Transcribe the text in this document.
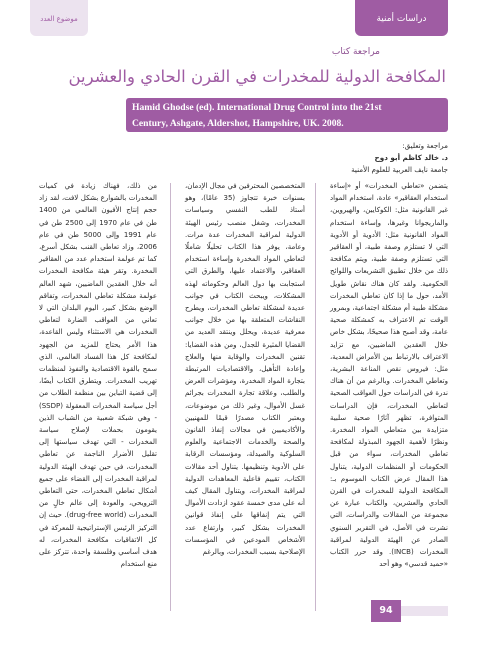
موضوع العدد	دراسات أمنية
مراجعة كتاب
المكافحة الدولية للمخدرات في القرن الحادي والعشرين

Hamid Ghodse (ed). International Drug Control into the 21st

Century, Ashgate, Aldershot, Hampshire, UK. 2008.

مراجعة وتعليق:
د. خالد كاظم أبو دوح
جامعة نايف العربية للعلوم الأمنية

يتضمن «تعاطي المخدرات» أو «إساءة استخدام العقاقير» عادة، استخدام المواد غير القانونية مثل: الكوكايين، والهيروين، والماريجوانا وغيرها، وإساءة استخدام المواد القانونية مثل: الأدوية أو الأدوية التي لا تستلزم وصفة طبية، أو العقاقير التي تستلزم وصفة طبية، ويتم مكافحة ذلك من خلال تطبيق التشريعات واللوائح الحكومية. ولقد كان هناك نقاش طويل الأمد، حول ما إذا كان تعاطي المخدرات مشكلة طبية أم مشكلة اجتماعية، وبمرور الوقت تم الاعتراف به كمشكلة صحية عامة، وقد أصبح هذا صحيحًا، بشكل خاص خلال العقدين الماضيين، مع تزايد الاعتراف بالارتباط بين الأمراض المعدية، مثل: فيروس نقص المناعة البشرية، وتعاطي المخدرات. وبالرغم من أن هناك ندرة في الدراسات حول العواقب الصحية لتعاطي المخدرات، فإن الدراسات المتوافرة، تظهر آثارًا صحية سلبية متزايدة بين متعاطي المواد المخدرة. ونظرًا لأهمية الجهود المبذولة لمكافحة تعاطي المخدرات، سواء من قبل الحكومات أو المنظمات الدولية، يتناول هذا المقال عرض الكتاب الموسوم بـ: المكافحة الدولية للمخدرات في القرن الحادي والعشرين، والكتاب عبارة عن مجموعة من المقالات والدراسات، التي نشرت في الأصل، في التقرير السنوي الصادر عن الهيئة الدولية لمراقبة المخدرات (INCB). وقد حرر الكتاب «حميد قدسي» وهو أحد

المتخصصين المحترفين في مجال الإدمان، بسنوات خبرة تتجاوز (35 عامًا)، وهو أستاذ للطب النفسي وسياسات المخدرات، وشغل منصب رئيس الهيئة الدولية لمراقبة المخدرات عدة مرات. وعامة، يوفر هذا الكتاب تحليلًا شاملًا لتعاطي المواد المخدرة وإساءة استخدام العقاقير، والاعتماد عليها، والطرق التي استجابت بها دول العالم وحكوماته لهذه المشكلات، ويبحث الكتاب في جوانب عديدة لمشكلة تعاطي المخدرات، ويطرح النقاشات المتعلقة بها من خلال جوانب معرفية عديدة، ويحلل وينتقد العديد من القضايا المثيرة للجدل، ومن هذه القضايا: تقنين المخدرات والوقاية منها والعلاج وإعادة التأهيل، والاقتصاديات المرتبطة بتجارة المواد المخدرة، ومؤشرات العرض والطلب، وعلاقة تجارة المخدرات بجرائم غسل الأموال، وغير ذلك من موضوعات، ويعتبر الكتاب مصدرًا قيمًا للمهنيين والأكاديميين في مجالات إنفاذ القانون والصحة والخدمات الاجتماعية والعلوم السلوكية والصيدلة، ومؤسسات الرقابة على الأدوية وتنظيمها. يتناول أحد مقالات الكتاب، تقييم فاعلية المعاهدات الدولية لمراقبة المخدرات، ويتناول المقال كيف أنه على مدى خمسة عقود ازدادت الأموال التي يتم إنفاقها على إنفاذ قوانين المخدرات بشكل كبير، وارتفاع عدد الأشخاص المودعين في المؤسسات الإصلاحية بسبب المخدرات، وبالرغم

من ذلك، فهناك زيادة في كميات المخدرات بالشوارع بشكل لافت، لقد زاد حجم إنتاج الأفيون العالمي من 1400 طن في عام 1970 إلى 2500 طن في عام 1991 وإلى 5000 طن في عام 2006، وزاد تعاطي القنب بشكل أسرع، كما تم عولمة استخدام عدد من العقاقير المخدرة. وتقر هيئة مكافحة المخدرات أنه خلال العقدين الماضيين، شهد العالم عولمة مشكلة تعاطي المخدرات، وتفاقم الوضع بشكل كبير، اليوم البلدان التي لا تعاني من العواقب الضارة لتعاطي المخدرات هي الاستثناء وليس القاعدة، هذا الأمر يحتاج للمزيد من الجهود لمكافحة كل هذا الفساد العالمي، الذي سمح بالقوة الاقتصادية والنفوذ لمنظمات تهريب المخدرات. ويتطرق الكتاب أيضًا، إلى قضية التباين بين منظمة الطلاب من أجل سياسة المخدرات المعقولة (SSDP) - وهي شبكة شعبية من الشباب الذين يقومون بحملات لإصلاح سياسة المخدرات - التي تهدف سياستها إلى تقليل الأضرار الناجمة عن تعاطي المخدرات، في حين تهدف الهيئة الدولية لمراقبة المخدرات إلى القضاء على جميع أشكال تعاطي المخدرات، حتى التعاطي الترويحي، والعودة إلى عالم خالٍ من المخدرات (drug-free world). حيث إن التركيز الرئيس الإستراتيجية للمعركة في كل الاتفاقيات مكافحة المخدرات، له هدف أساسي وفلسفة واحدة، تتركز على منع استخدام

94
